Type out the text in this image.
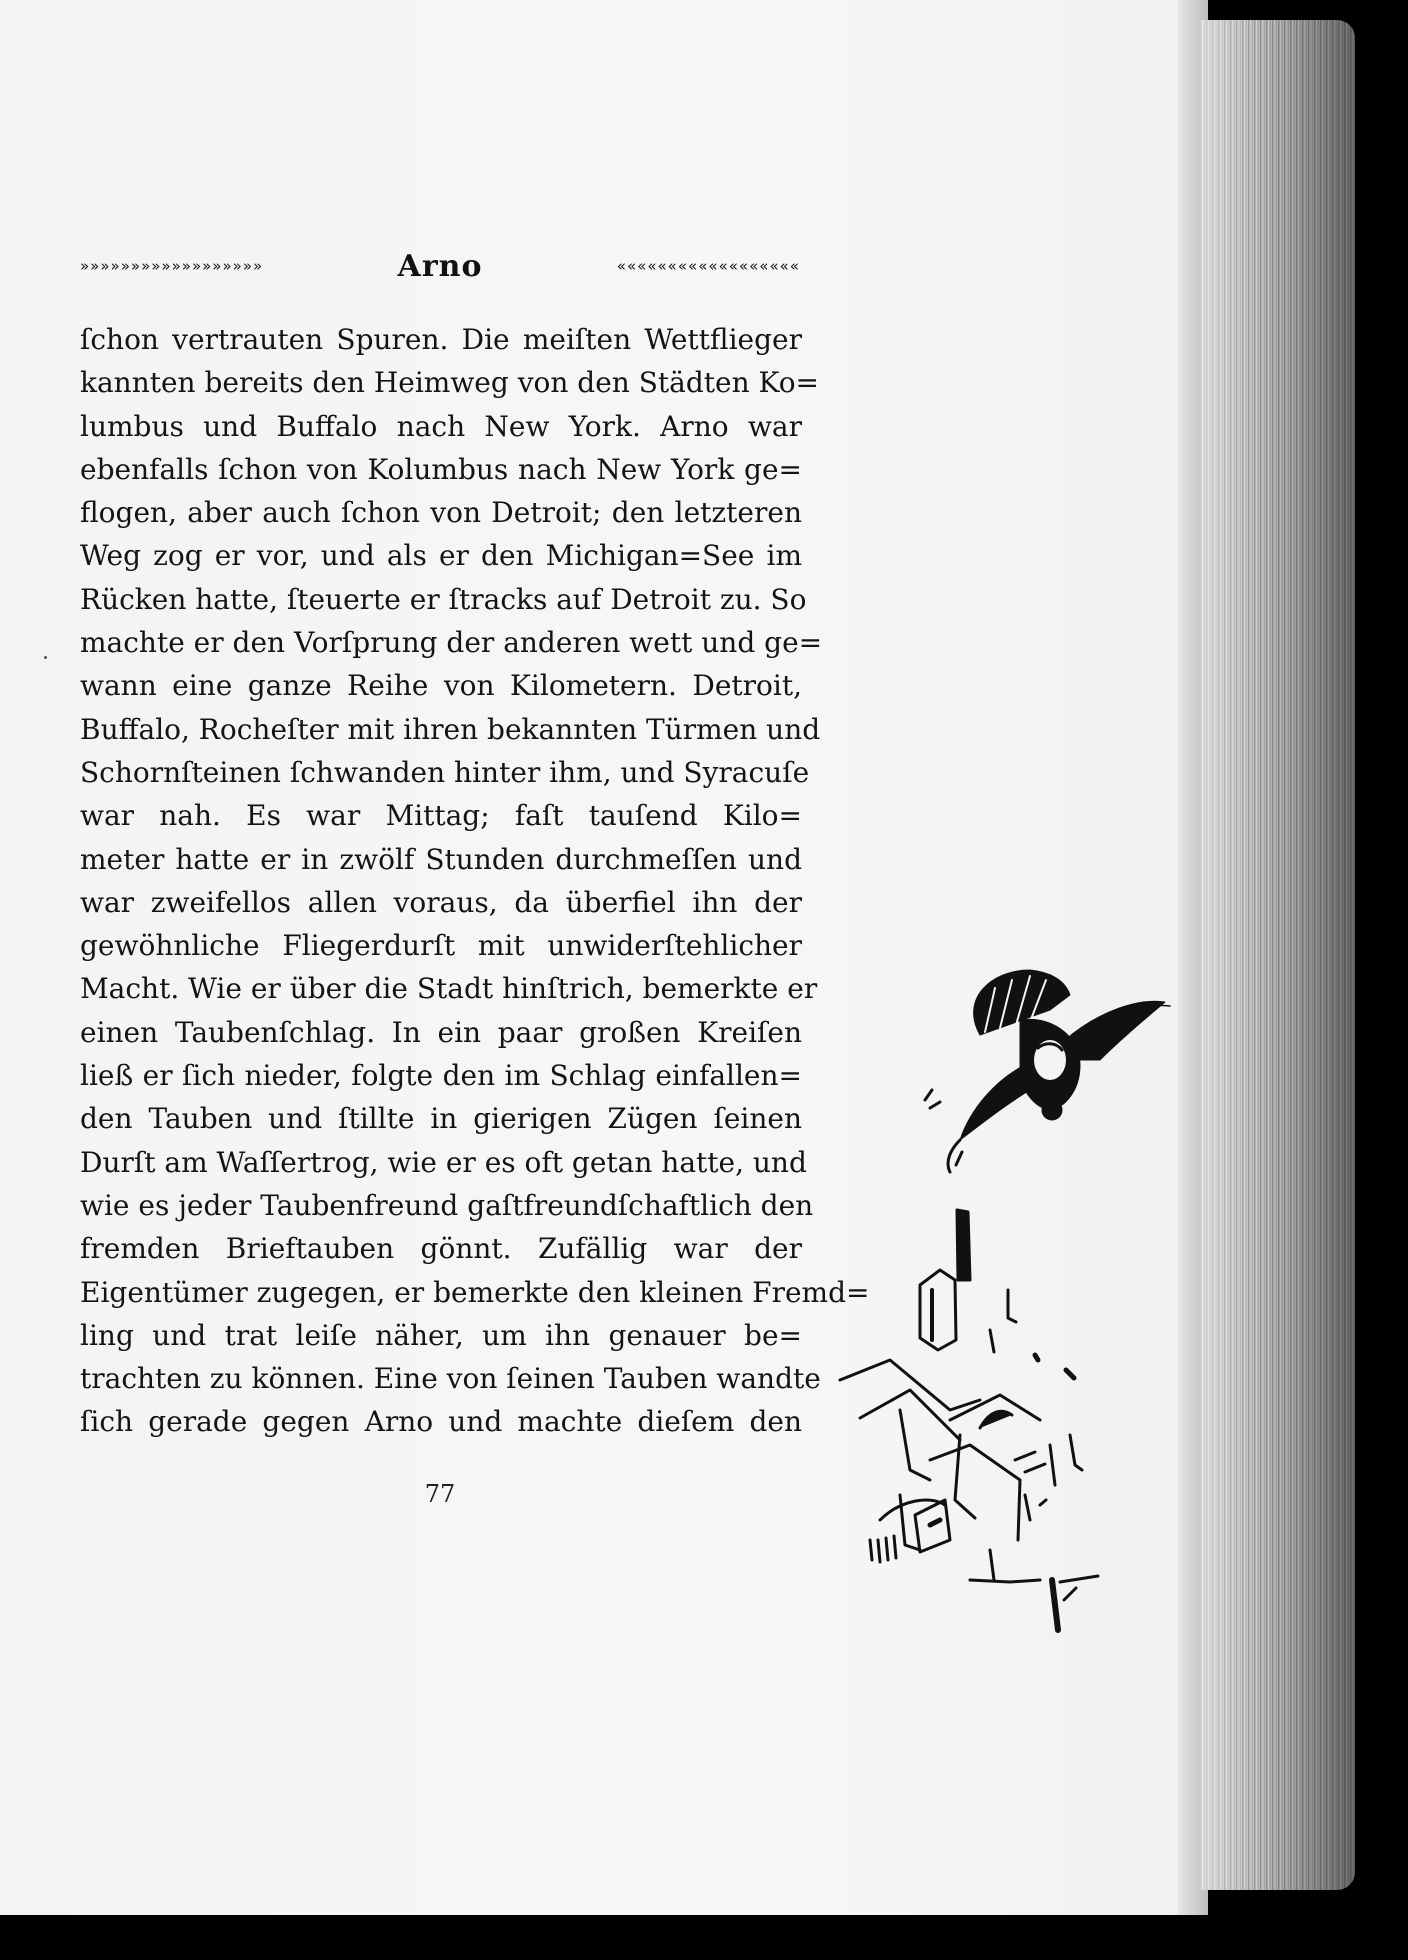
»»»»»»»»»»»»»»»»»»	Arno	««««««««««««««««««
ſchon vertrauten Spuren. Die meiſten Wettflieger
kannten bereits den Heimweg von den Städten Ko=
lumbus und Buffalo nach New York. Arno war
ebenfalls ſchon von Kolumbus nach New York ge=
flogen, aber auch ſchon von Detroit; den letzteren
Weg zog er vor, und als er den Michigan=See im
Rücken hatte, ſteuerte er ſtracks auf Detroit zu. So
machte er den Vorſprung der anderen wett und ge=
wann eine ganze Reihe von Kilometern. Detroit,
Buffalo, Rocheſter mit ihren bekannten Türmen und
Schornſteinen ſchwanden hinter ihm, und Syracuſe
war nah. Es war Mittag; faſt tauſend Kilo=
meter hatte er in zwölf Stunden durchmeſſen und
war zweifellos allen voraus, da überfiel ihn der
gewöhnliche Fliegerdurſt mit unwiderſtehlicher
Macht. Wie er über die Stadt hinſtrich, bemerkte er
einen Taubenſchlag. In ein paar großen Kreiſen
ließ er ſich nieder, folgte den im Schlag einfallen=
den Tauben und ſtillte in gierigen Zügen ſeinen
Durſt am Waſſertrog, wie er es oft getan hatte, und
wie es jeder Taubenfreund gaſtfreundſchaftlich den
fremden Brieftauben gönnt. Zufällig war der
Eigentümer zugegen, er bemerkte den kleinen Fremd=
ling und trat leiſe näher, um ihn genauer be=
trachten zu können. Eine von ſeinen Tauben wandte
ſich gerade gegen Arno und machte dieſem den
77
